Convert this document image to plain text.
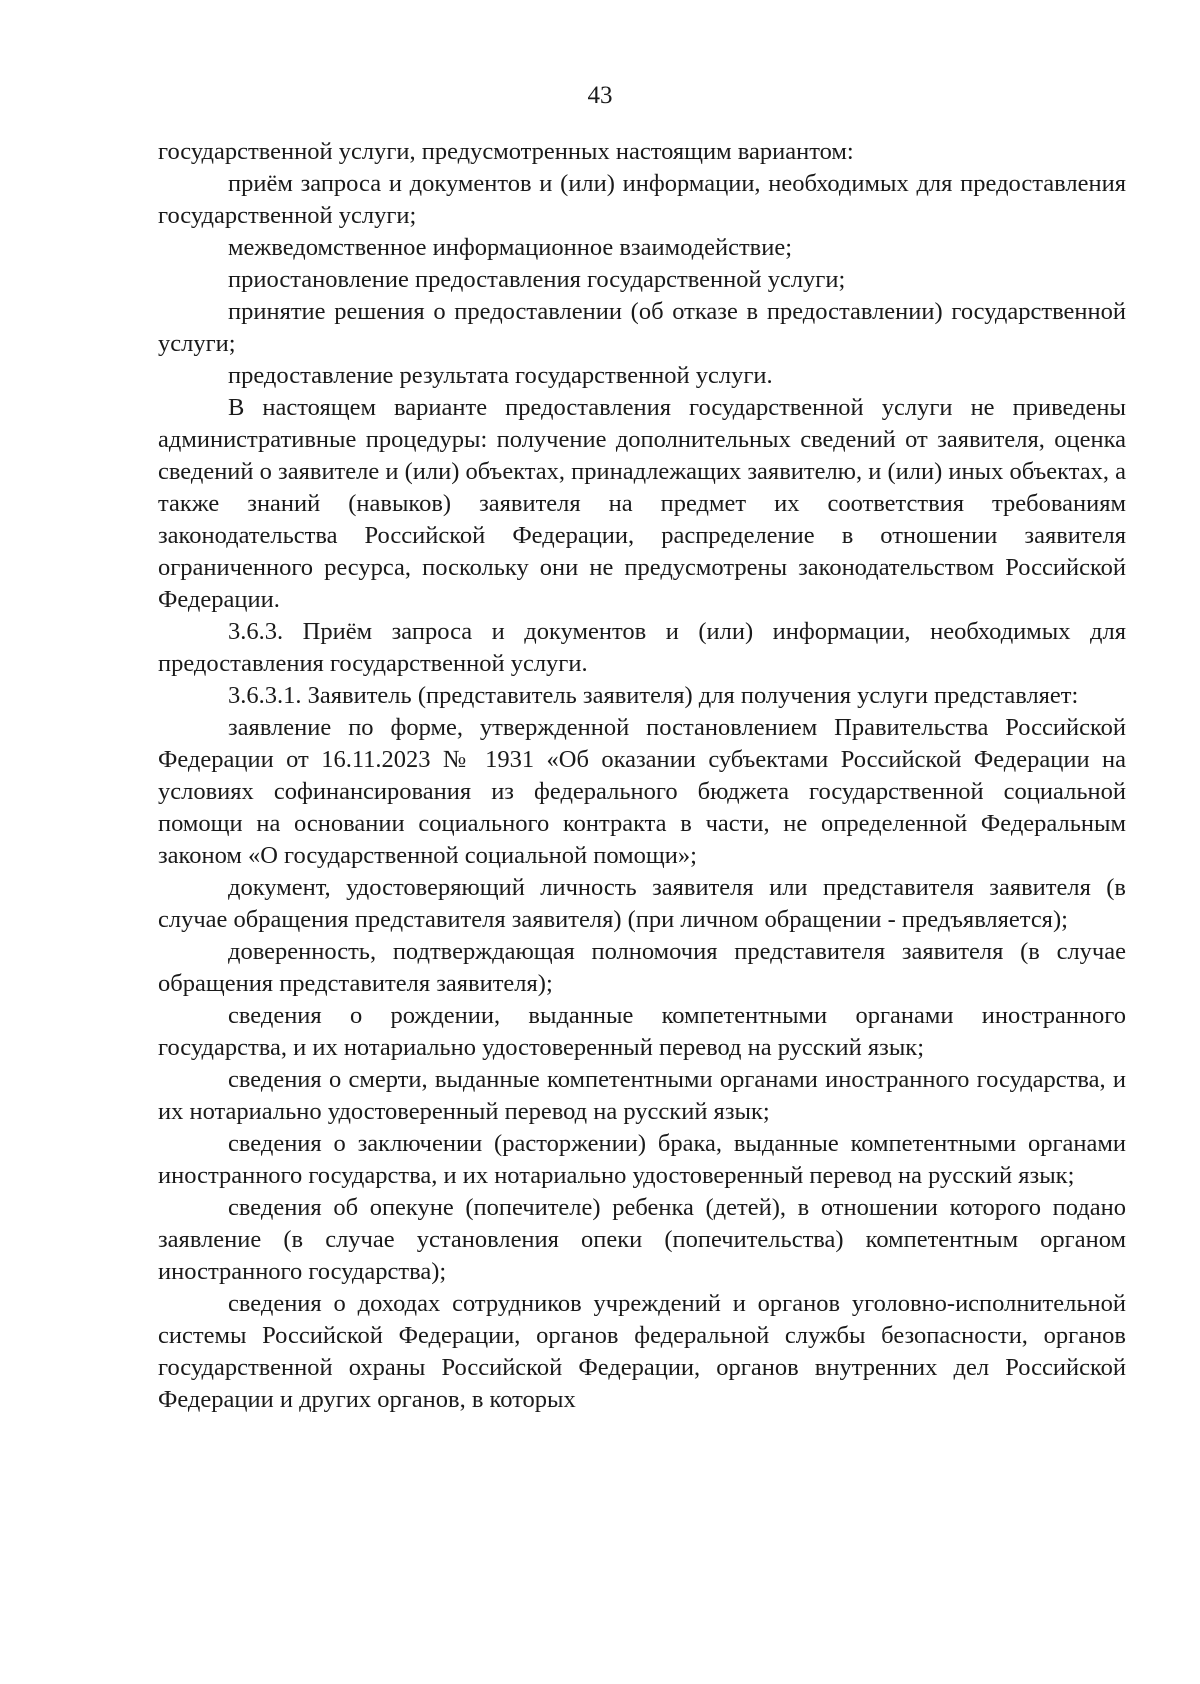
43

государственной услуги, предусмотренных настоящим вариантом:

приём запроса и документов и (или) информации, необходимых для предоставления государственной услуги;

межведомственное информационное взаимодействие;

приостановление предоставления государственной услуги;

принятие решения о предоставлении (об отказе в предоставлении) государственной услуги;

предоставление результата государственной услуги.

В настоящем варианте предоставления государственной услуги не приведены административные процедуры: получение дополнительных сведений от заявителя, оценка сведений о заявителе и (или) объектах, принадлежащих заявителю, и (или) иных объектах, а также знаний (навыков) заявителя на предмет их соответствия требованиям законодательства Российской Федерации, распределение в отношении заявителя ограниченного ресурса, поскольку они не предусмотрены законодательством Российской Федерации.

3.6.3. Приём запроса и документов и (или) информации, необходимых для предоставления государственной услуги.

3.6.3.1. Заявитель (представитель заявителя) для получения услуги представляет:

заявление по форме, утвержденной постановлением Правительства Российской Федерации от 16.11.2023 № 1931 «Об оказании субъектами Российской Федерации на условиях софинансирования из федерального бюджета государственной социальной помощи на основании социального контракта в части, не определенной Федеральным законом «О государственной социальной помощи»;

документ, удостоверяющий личность заявителя или представителя заявителя (в случае обращения представителя заявителя) (при личном обращении - предъявляется);

доверенность, подтверждающая полномочия представителя заявителя (в случае обращения представителя заявителя);

сведения о рождении, выданные компетентными органами иностранного государства, и их нотариально удостоверенный перевод на русский язык;

сведения о смерти, выданные компетентными органами иностранного государства, и их нотариально удостоверенный перевод на русский язык;

сведения о заключении (расторжении) брака, выданные компетентными органами иностранного государства, и их нотариально удостоверенный перевод на русский язык;

сведения об опекуне (попечителе) ребенка (детей), в отношении которого подано заявление (в случае установления опеки (попечительства) компетентным органом иностранного государства);

сведения о доходах сотрудников учреждений и органов уголовно-исполнительной системы Российской Федерации, органов федеральной службы безопасности, органов государственной охраны Российской Федерации, органов внутренних дел Российской Федерации и других органов, в которых
